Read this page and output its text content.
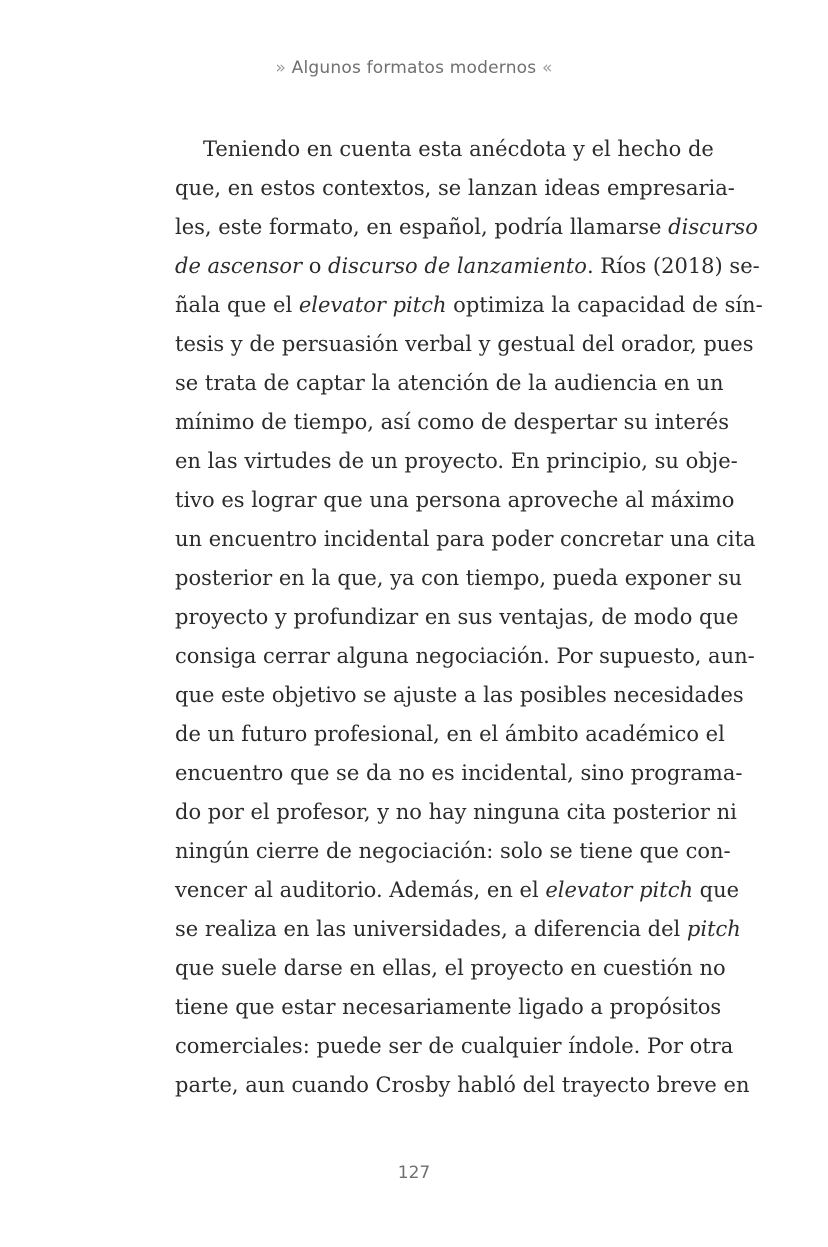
» Algunos formatos modernos «
Teniendo en cuenta esta anécdota y el hecho de
que, en estos contextos, se lanzan ideas empresaria-
les, este formato, en español, podría llamarse discurso
de ascensor o discurso de lanzamiento. Ríos (2018) se-
ñala que el elevator pitch optimiza la capacidad de sín-
tesis y de persuasión verbal y gestual del orador, pues
se trata de captar la atención de la audiencia en un
mínimo de tiempo, así como de despertar su interés
en las virtudes de un proyecto. En principio, su obje-
tivo es lograr que una persona aproveche al máximo
un encuentro incidental para poder concretar una cita
posterior en la que, ya con tiempo, pueda exponer su
proyecto y profundizar en sus ventajas, de modo que
consiga cerrar alguna negociación. Por supuesto, aun-
que este objetivo se ajuste a las posibles necesidades
de un futuro profesional, en el ámbito académico el
encuentro que se da no es incidental, sino programa-
do por el profesor, y no hay ninguna cita posterior ni
ningún cierre de negociación: solo se tiene que con-
vencer al auditorio. Además, en el elevator pitch que
se realiza en las universidades, a diferencia del pitch
que suele darse en ellas, el proyecto en cuestión no
tiene que estar necesariamente ligado a propósitos
comerciales: puede ser de cualquier índole. Por otra
parte, aun cuando Crosby habló del trayecto breve en
127
